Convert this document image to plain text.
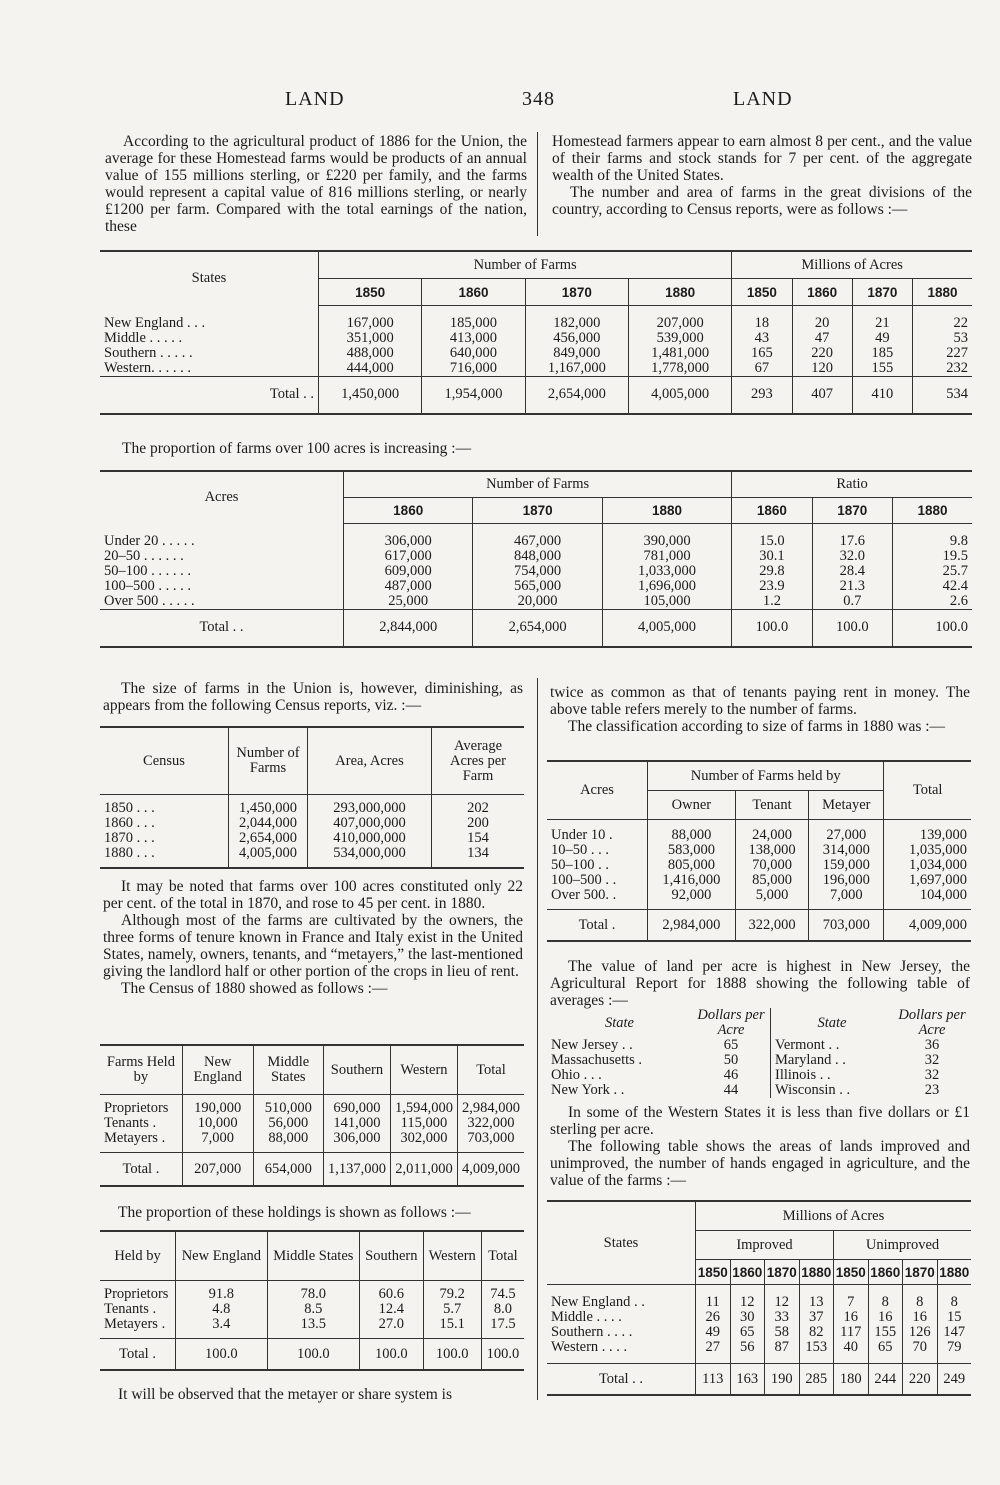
LAND	348	LAND

According to the agricultural product of 1886 for the Union, the average for these Homestead farms would be products of an annual value of 155 millions sterling, or £220 per family, and the farms would represent a capital value of 816 millions sterling, or nearly £1200 per farm. Compared with the total earnings of the nation, these

Homestead farmers appear to earn almost 8 per cent., and the value of their farms and stock stands for 7 per cent. of the aggregate wealth of the United States.

The number and area of farms in the great divisions of the country, according to Census reports, were as follows :—

States	Number of Farms				Millions of Acres			
	1850	1860	1870	1880	1850	1860	1870	1880

New England . . .	167,000	185,000	182,000	207,000	18	20	21	22
Middle . . . . .	351,000	413,000	456,000	539,000	43	47	49	53
Southern . . . . .	488,000	640,000	849,000	1,481,000	165	220	185	227
Western. . . . . .	444,000	716,000	1,167,000	1,778,000	67	120	155	232
Total . .	1,450,000	1,954,000	2,654,000	4,005,000	293	407	410	534
The proportion of farms over 100 acres is increasing :—
Acres	Number of Farms			Ratio		
	1860	1870	1880	1860	1870	1880

Under 20 . . . . .	306,000	467,000	390,000	15.0	17.6	9.8
20–50 . . . . . .	617,000	848,000	781,000	30.1	32.0	19.5
50–100 . . . . . .	609,000	754,000	1,033,000	29.8	28.4	25.7
100–500 . . . . .	487,000	565,000	1,696,000	23.9	21.3	42.4
Over 500 . . . . .	25,000	20,000	105,000	1.2	0.7	2.6
Total . .	2,844,000	2,654,000	4,005,000	100.0	100.0	100.0

The size of farms in the Union is, however, diminishing, as appears from the following Census reports, viz. :—

Census	Number of Farms	Area, Acres	Average Acres per Farm
1850 . . .	1,450,000	293,000,000	202
1860 . . .	2,044,000	407,000,000	200
1870 . . .	2,654,000	410,000,000	154
1880 . . .	4,005,000	534,000,000	134

It may be noted that farms over 100 acres constituted only 22 per cent. of the total in 1870, and rose to 45 per cent. in 1880.

Although most of the farms are cultivated by the owners, the three forms of tenure known in France and Italy exist in the United States, namely, owners, tenants, and “metayers,” the last-mentioned giving the landlord half or other portion of the crops in lieu of rent.

The Census of 1880 showed as follows :—

Farms Held by	New England	Middle States	Southern	Western	Total
Proprietors	190,000	510,000	690,000	1,594,000	2,984,000
Tenants .	10,000	56,000	141,000	115,000	322,000
Metayers .	7,000	88,000	306,000	302,000	703,000
Total .	207,000	654,000	1,137,000	2,011,000	4,009,000
The proportion of these holdings is shown as follows :—
Held by	New England	Middle States	Southern	Western	Total
Proprietors	91.8	78.0	60.6	79.2	74.5
Tenants .	4.8	8.5	12.4	5.7	8.0
Metayers .	3.4	13.5	27.0	15.1	17.5
Total .	100.0	100.0	100.0	100.0	100.0
It will be observed that the metayer or share system is

twice as common as that of tenants paying rent in money. The above table refers merely to the number of farms.

The classification according to size of farms in 1880 was :—

Acres	Number of Farms held by			Total
	Owner	Tenant	Metayer	
Under 10 .	88,000	24,000	27,000	139,000
10–50 . . .	583,000	138,000	314,000	1,035,000
50–100 . .	805,000	70,000	159,000	1,034,000
100–500 . .	1,416,000	85,000	196,000	1,697,000
Over 500. .	92,000	5,000	7,000	104,000
Total .	2,984,000	322,000	703,000	4,009,000

The value of land per acre is highest in New Jersey, the Agricultural Report for 1888 showing the following table of averages :—

State	Dollars per Acre	State	Dollars per Acre
New Jersey . .	65	Vermont . .	36
Massachusetts .	50	Maryland . .	32
Ohio . . .	46	Illinois . .	32
New York . .	44	Wisconsin . .	23

In some of the Western States it is less than five dollars or £1 sterling per acre.

The following table shows the areas of lands improved and unimproved, the number of hands engaged in agriculture, and the value of the farms :—

States	Millions of Acres							
	Improved				Unimproved			
	1850	1860	1870	1880	1850	1860	1870	1880
New England . .	11	12	12	13	7	8	8	8
Middle . . . .	26	30	33	37	16	16	16	15
Southern . . . .	49	65	58	82	117	155	126	147
Western . . . .	27	56	87	153	40	65	70	79
Total . .	113	163	190	285	180	244	220	249
